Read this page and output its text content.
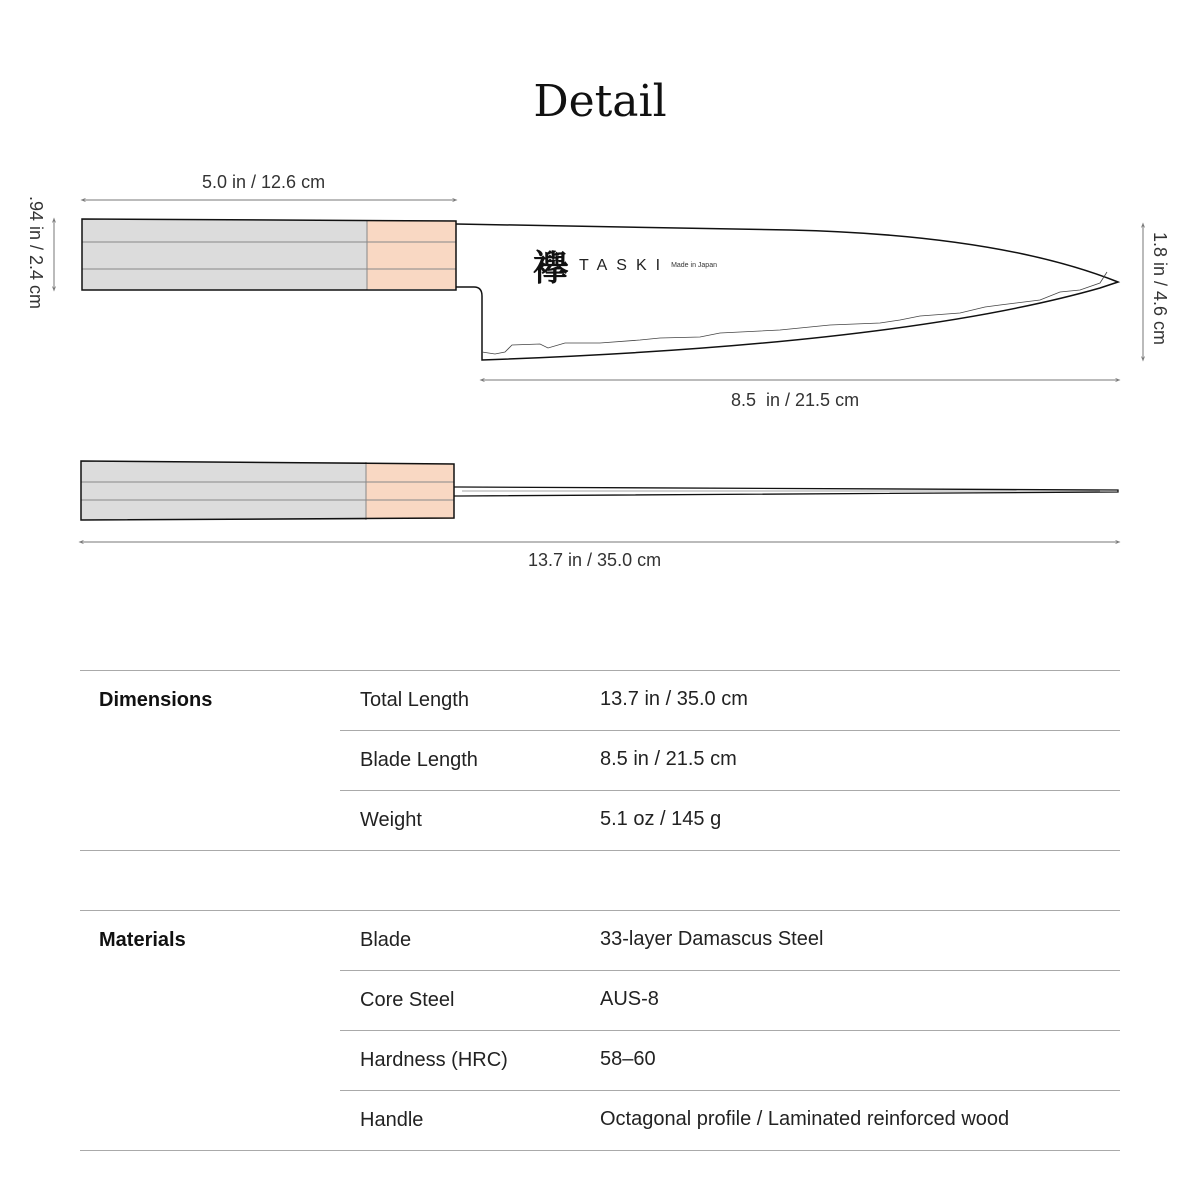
Detail
襷 TASKI Made in Japan
5.0 in / 12.6 cm
.94 in / 2.4 cm	1.8 in / 4.6 cm
8.5  in / 21.5 cm
13.7 in / 35.0 cm
Dimensions	Total Length	13.7 in / 35.0 cm
Blade Length	8.5 in / 21.5 cm
Weight	5.1 oz / 145 g
Materials	Blade	33-layer Damascus Steel
Core Steel	AUS-8
Hardness (HRC)	58–60
Handle	Octagonal profile / Laminated reinforced wood
